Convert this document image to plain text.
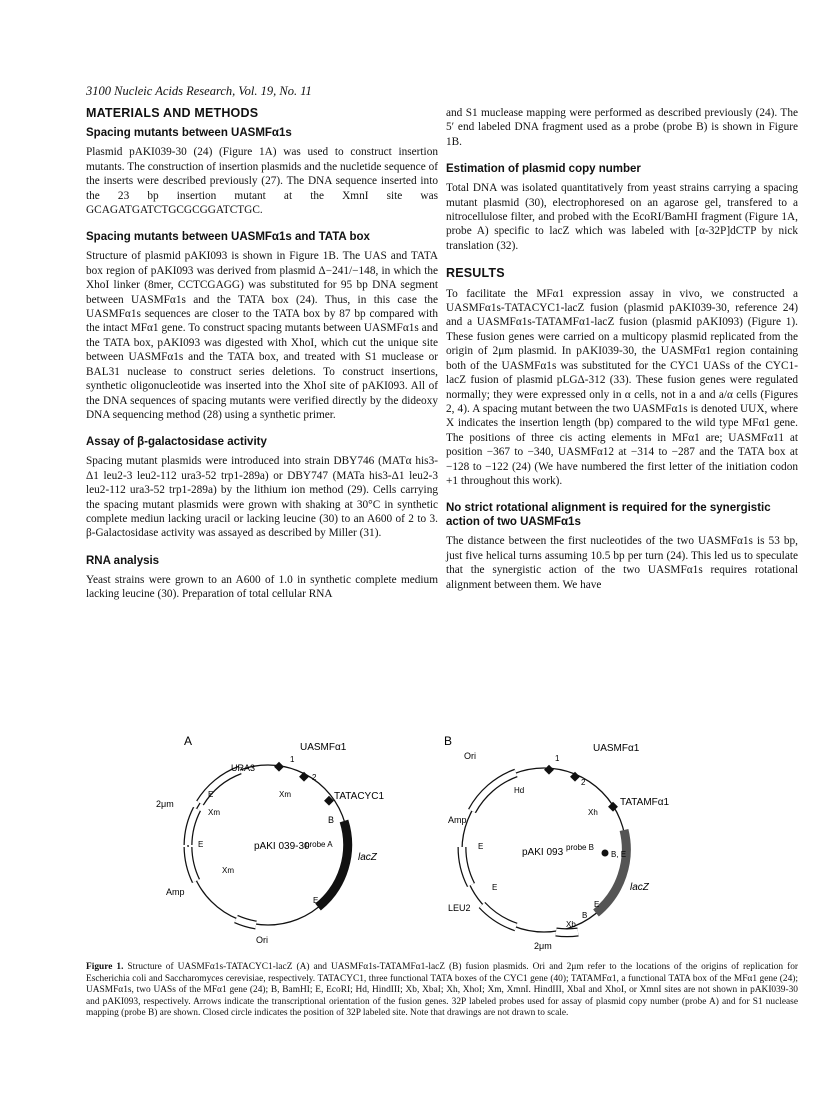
3100 Nucleic Acids Research, Vol. 19, No. 11
MATERIALS AND METHODS
Spacing mutants between UASMFα1s

Plasmid pAKI039-30 (24) (Figure 1A) was used to construct insertion mutants. The construction of insertion plasmids and the nucletide sequence of the inserts were described previously (27). The DNA sequence inserted into the 23 bp insertion mutant at the XmnI site was GCAGATGATCTGCGCGGATCTGC.

Spacing mutants between UASMFα1s and TATA box

Structure of plasmid pAKI093 is shown in Figure 1B. The UAS and TATA box region of pAKI093 was derived from plasmid Δ−241/−148, in which the XhoI linker (8mer, CCTCGAGG) was substituted for 95 bp DNA segment between UASMFα1s and the TATA box (24). Thus, in this case the UASMFα1s sequences are closer to the TATA box by 87 bp compared with the intact MFα1 gene. To construct spacing mutants between UASMFα1s and the TATA box, pAKI093 was digested with XhoI, which cut the unique site between UASMFα1s and the TATA box, and treated with S1 muclease or BAL31 nuclease to construct series deletions. To construct insertions, synthetic oligonucleotide was inserted into the XhoI site of pAKI093. All of the DNA sequences of spacing mutants were verified directly by the dideoxy DNA sequencing method (28) using a synthetic primer.

Assay of β-galactosidase activity

Spacing mutant plasmids were introduced into strain DBY746 (MATα his3-Δ1 leu2-3 leu2-112 ura3-52 trp1-289a) or DBY747 (MATa his3-Δ1 leu2-3 leu2-112 ura3-52 trp1-289a) by the lithium ion method (29). Cells carrying the spacing mutant plasmids were grown with shaking at 30°C in synthetic complete mediun lacking uracil or lacking leucine (30) to an A600 of 2 to 3. β-Galactosidase activity was assayed as described by Miller (31).

RNA analysis

Yeast strains were grown to an A600 of 1.0 in synthetic complete medium lacking leucine (30). Preparation of total cellular RNA

and S1 muclease mapping were performed as described previously (24). The 5′ end labeled DNA fragment used as a probe (probe B) is shown in Figure 1B.

Estimation of plasmid copy number

Total DNA was isolated quantitatively from yeast strains carrying a spacing mutant plasmid (30), electrophoresed on an agarose gel, transfered to a nitrocellulose filter, and probed with the EcoRI/BamHI fragment (Figure 1A, probe A) specific to lacZ which was labeled with [α-32P]dCTP by nick translation (32).

RESULTS

To facilitate the MFα1 expression assay in vivo, we constructed a UASMFα1s-TATACYC1-lacZ fusion (plasmid pAKI039-30, reference 24) and a UASMFα1s-TATAMFα1-lacZ fusion (plasmid pAKI093) (Figure 1). These fusion genes were carried on a multicopy plasmid replicated from the origin of 2μm plasmid. In pAKI039-30, the UASMFα1 region containing both of the UASMFα1s was substituted for the CYC1 UASs of the CYC1-lacZ fusion of plasmid pLGΔ-312 (33). These fusion genes were regulated normally; they were expressed only in α cells, not in a and a/α cells (Figures 2, 4). A spacing mutant between the two UASMFα1s is denoted UUX, where X indicates the insertion length (bp) compared to the wild type MFα1 gene. The positions of three cis acting elements in MFα1 are; UASMFα11 at position −367 to −340, UASMFα12 at −314 to −287 and the TATA box at −128 to −122 (24) (We have numbered the first letter of the initiation codon +1 throughout this work).

No strict rotational alignment is required for the synergistic action of two UASMFα1s

The distance between the first nucleotides of the two UASMFα1s is 53 bp, just five helical turns assuming 10.5 bp per turn (24). This led us to speculate that the synergistic action of the two UASMFα1s requires rotational alignment between them. We have

A
URA3
UASMFα1
1
2
Xm	TATACYC1
B
probe A
lacZ
E
2μm
E
Xm
E
Xm
Amp
Ori
pAKI 039-30
B
Ori
Hd
1
2
UASMFα1
Xh
TATAMFα1
probe B
B, E
Amp
E
lacZ
E
B
Xb
LEU2
E
2μm
pAKI 093
Figure 1. Structure of UASMFα1s-TATACYC1-lacZ (A) and UASMFα1s-TATAMFα1-lacZ (B) fusion plasmids. Ori and 2μm refer to the locations of the origins of replication for Escherichia coli and Saccharomyces cerevisiae, respectively. TATACYC1, three functional TATA boxes of the CYC1 gene (40); TATAMFα1, a functional TATA box of the MFα1 gene (24); UASMFα1s, two UASs of the MFα1 gene (24); B, BamHI; E, EcoRI; Hd, HindIII; Xb, XbaI; Xh, XhoI; Xm, XmnI. HindIII, XbaI and XhoI, or XmnI sites are not shown in pAKI039-30 and pAKI093, respectively. Arrows indicate the transcriptional orientation of the fusion genes. 32P labeled probes used for assay of plasmid copy number (probe A) and for S1 nuclease mapping (probe B) are shown. Closed circle indicates the position of 32P labeled site. Note that drawings are not drawn to scale.
